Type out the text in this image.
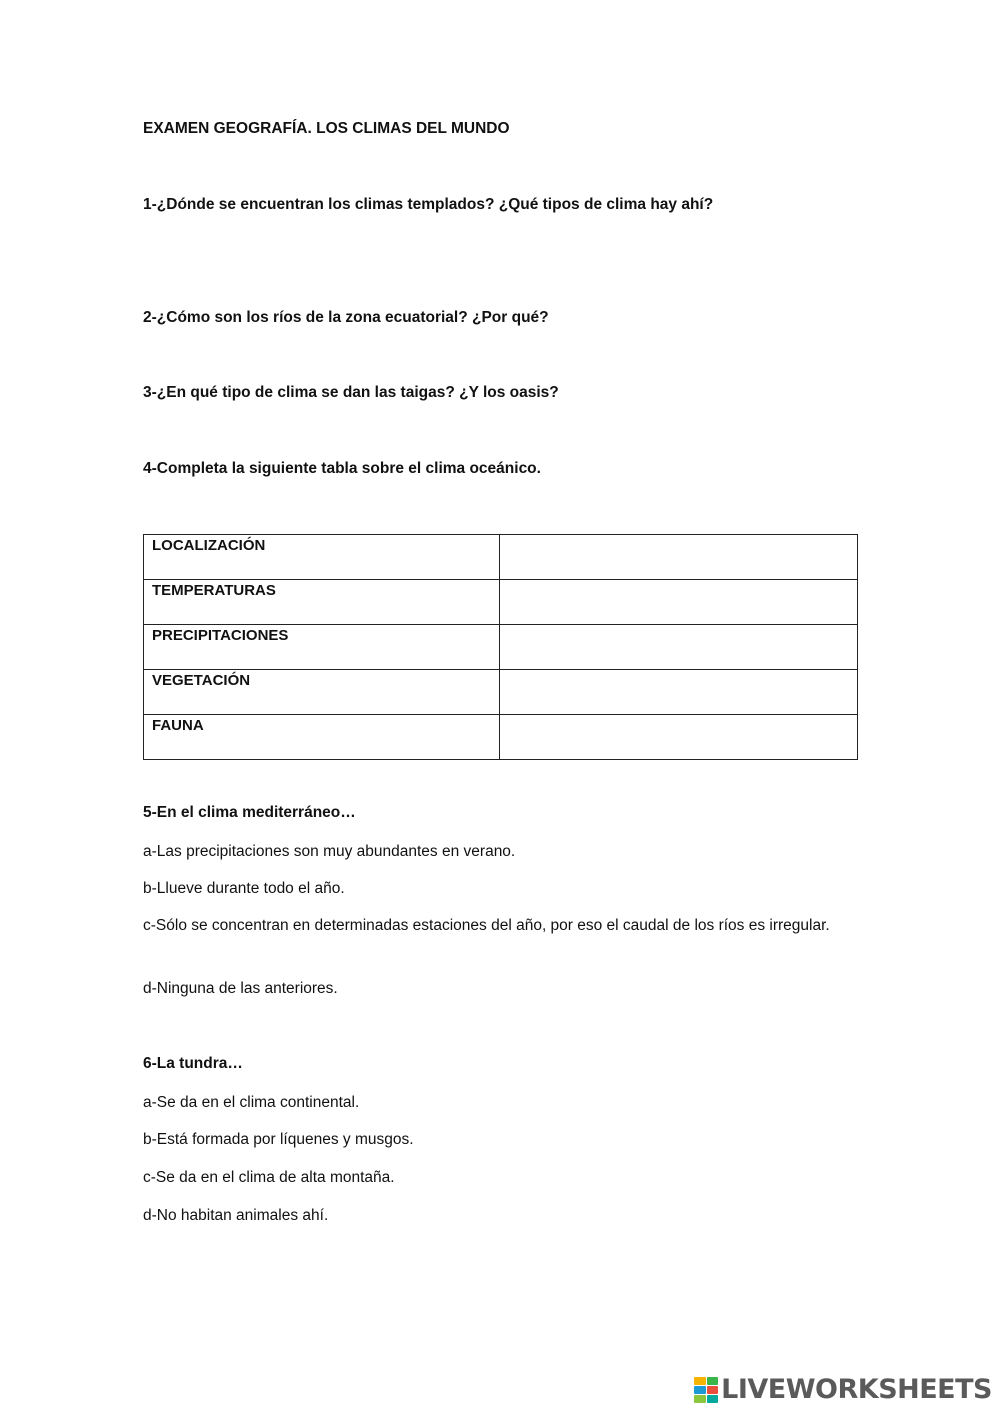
EXAMEN GEOGRAFÍA. LOS CLIMAS DEL MUNDO
1-¿Dónde se encuentran los climas templados? ¿Qué tipos de clima hay ahí?
2-¿Cómo son los ríos de la zona ecuatorial? ¿Por qué?
3-¿En qué tipo de clima se dan las taigas? ¿Y los oasis?
4-Completa la siguiente tabla sobre el clima oceánico.
LOCALIZACIÓN	
TEMPERATURAS	
PRECIPITACIONES	
VEGETACIÓN	
FAUNA	
5-En el clima mediterráneo…
a-Las precipitaciones son muy abundantes en verano.
b-Llueve durante todo el año.
c-Sólo se concentran en determinadas estaciones del año, por eso el caudal de los ríos es irregular.
d-Ninguna de las anteriores.
6-La tundra…
a-Se da en el clima continental.
b-Está formada por líquenes y musgos.
c-Se da en el clima de alta montaña.
d-No habitan animales ahí.
LIVEWORKSHEETS
